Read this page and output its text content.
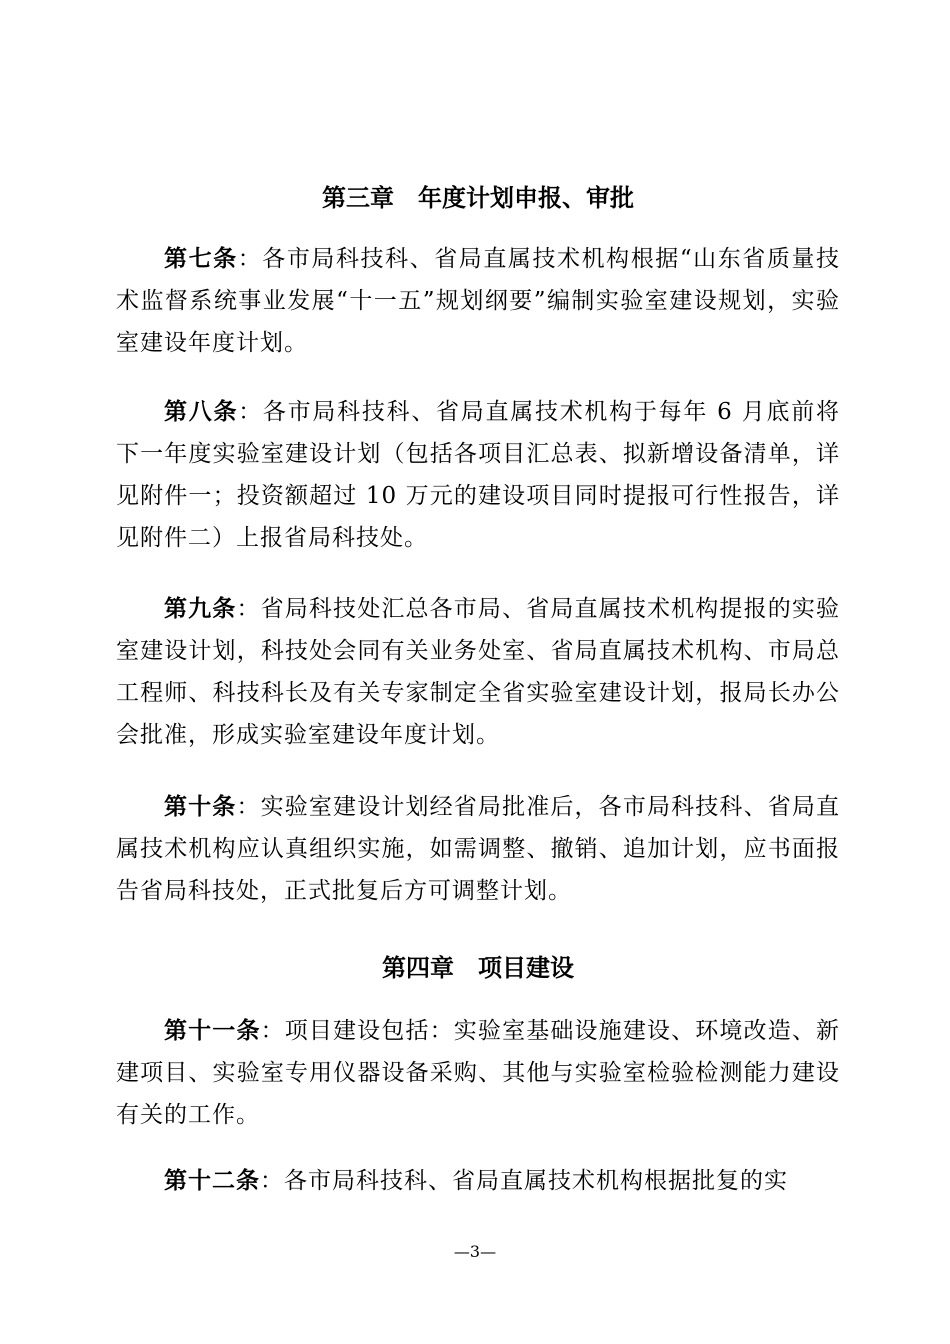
第三章　年度计划申报、审批

第七条：各市局科技科、省局直属技术机构根据“山东省质量技术监督系统事业发展“十一五”规划纲要”编制实验室建设规划，实验室建设年度计划。

第八条：各市局科技科、省局直属技术机构于每年 6 月底前将下一年度实验室建设计划（包括各项目汇总表、拟新增设备清单，详见附件一；投资额超过 10 万元的建设项目同时提报可行性报告，详见附件二）上报省局科技处。

第九条：省局科技处汇总各市局、省局直属技术机构提报的实验室建设计划，科技处会同有关业务处室、省局直属技术机构、市局总工程师、科技科长及有关专家制定全省实验室建设计划，报局长办公会批准，形成实验室建设年度计划。

第十条：实验室建设计划经省局批准后，各市局科技科、省局直属技术机构应认真组织实施，如需调整、撤销、追加计划，应书面报告省局科技处，正式批复后方可调整计划。

第四章　项目建设

第十一条：项目建设包括：实验室基础设施建设、环境改造、新建项目、实验室专用仪器设备采购、其他与实验室检验检测能力建设有关的工作。

第十二条：各市局科技科、省局直属技术机构根据批复的实

—3—
